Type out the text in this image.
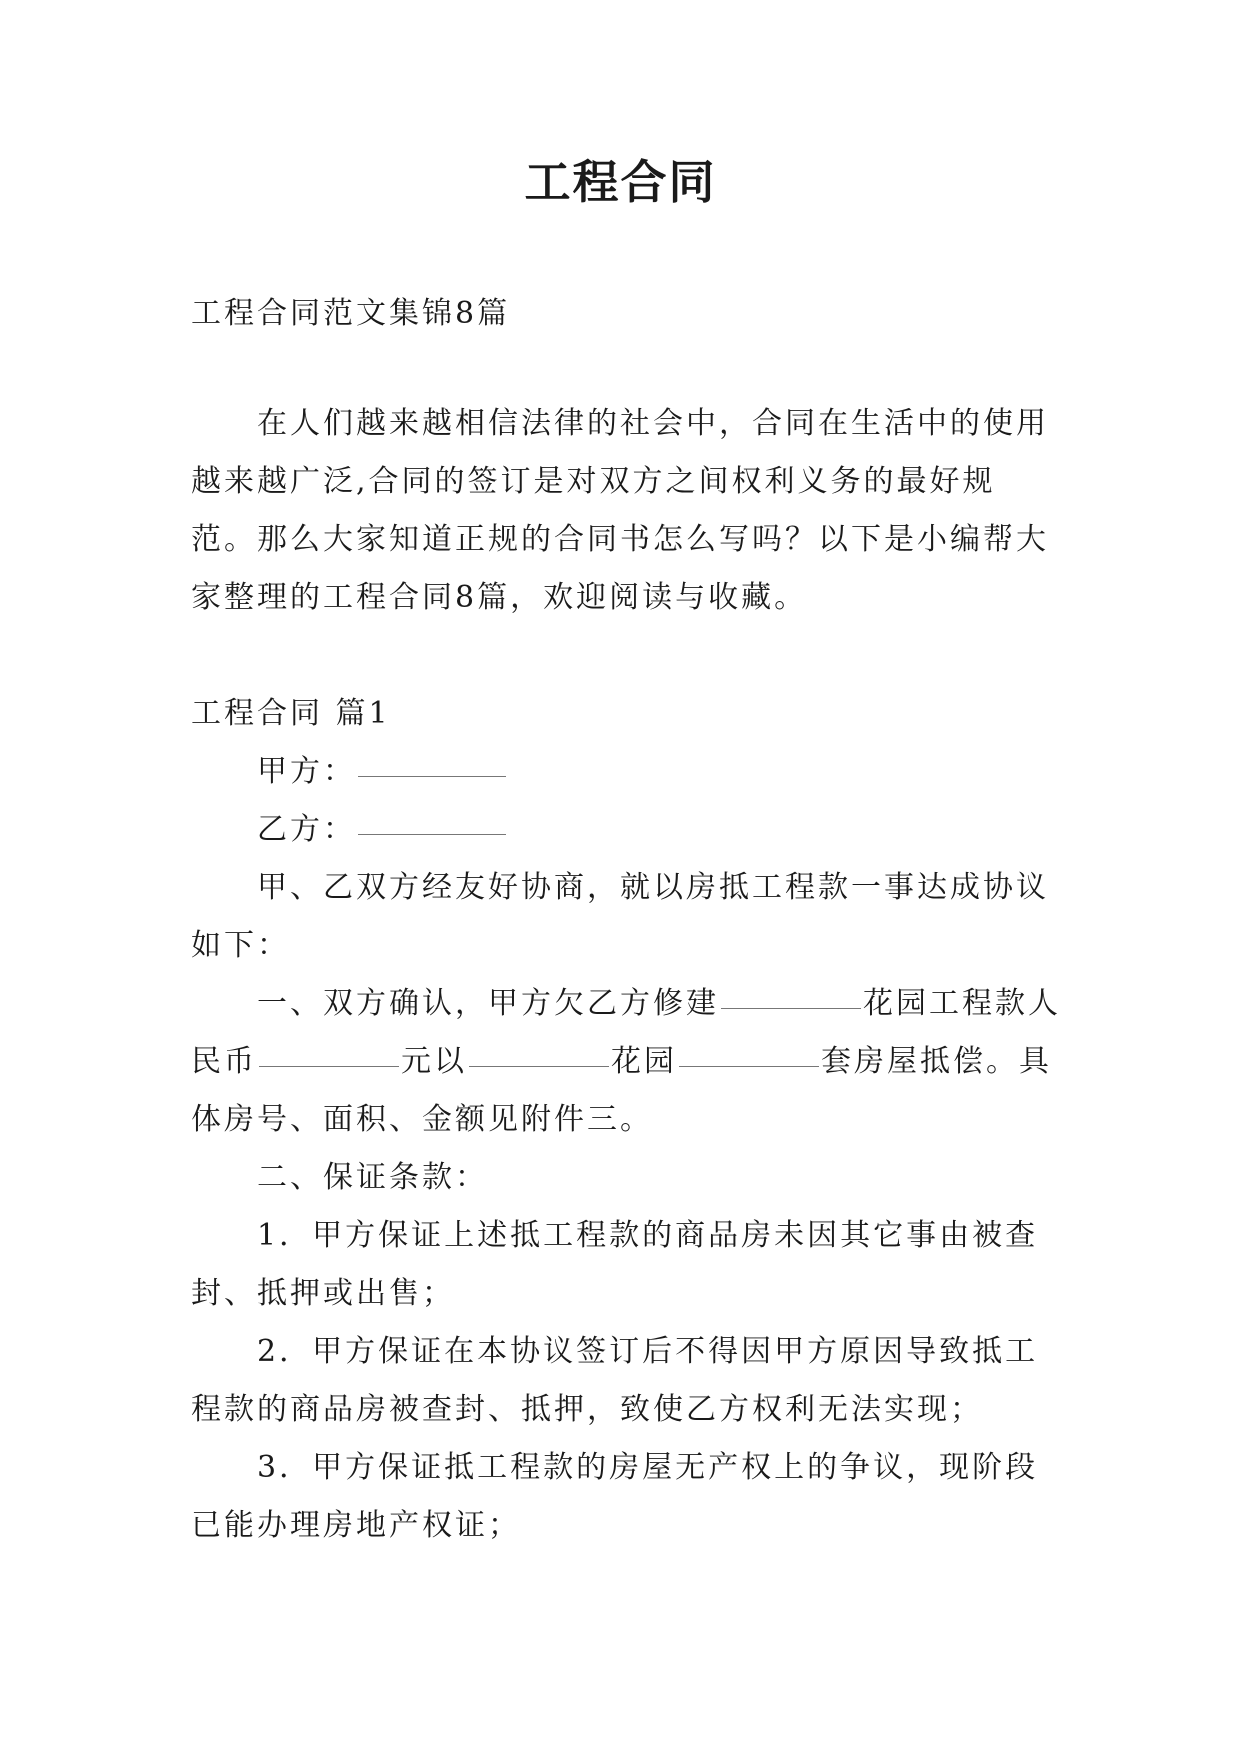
工程合同

工程合同范文集锦8篇

在人们越来越相信法律的社会中，合同在生活中的使用越来越广泛,合同的签订是对双方之间权利义务的最好规范。那么大家知道正规的合同书怎么写吗？以下是小编帮大家整理的工程合同8篇，欢迎阅读与收藏。

工程合同 篇1

甲方：

乙方：

甲、乙双方经友好协商，就以房抵工程款一事达成协议如下：

一、双方确认，甲方欠乙方修建	花园工程款人民币	元以	花园	套房屋抵偿。具体房号、面积、金额见附件三。

二、保证条款：

1．甲方保证上述抵工程款的商品房未因其它事由被查封、抵押或出售；

2．甲方保证在本协议签订后不得因甲方原因导致抵工程款的商品房被查封、抵押，致使乙方权利无法实现；

3．甲方保证抵工程款的房屋无产权上的争议，现阶段已能办理房地产权证；
